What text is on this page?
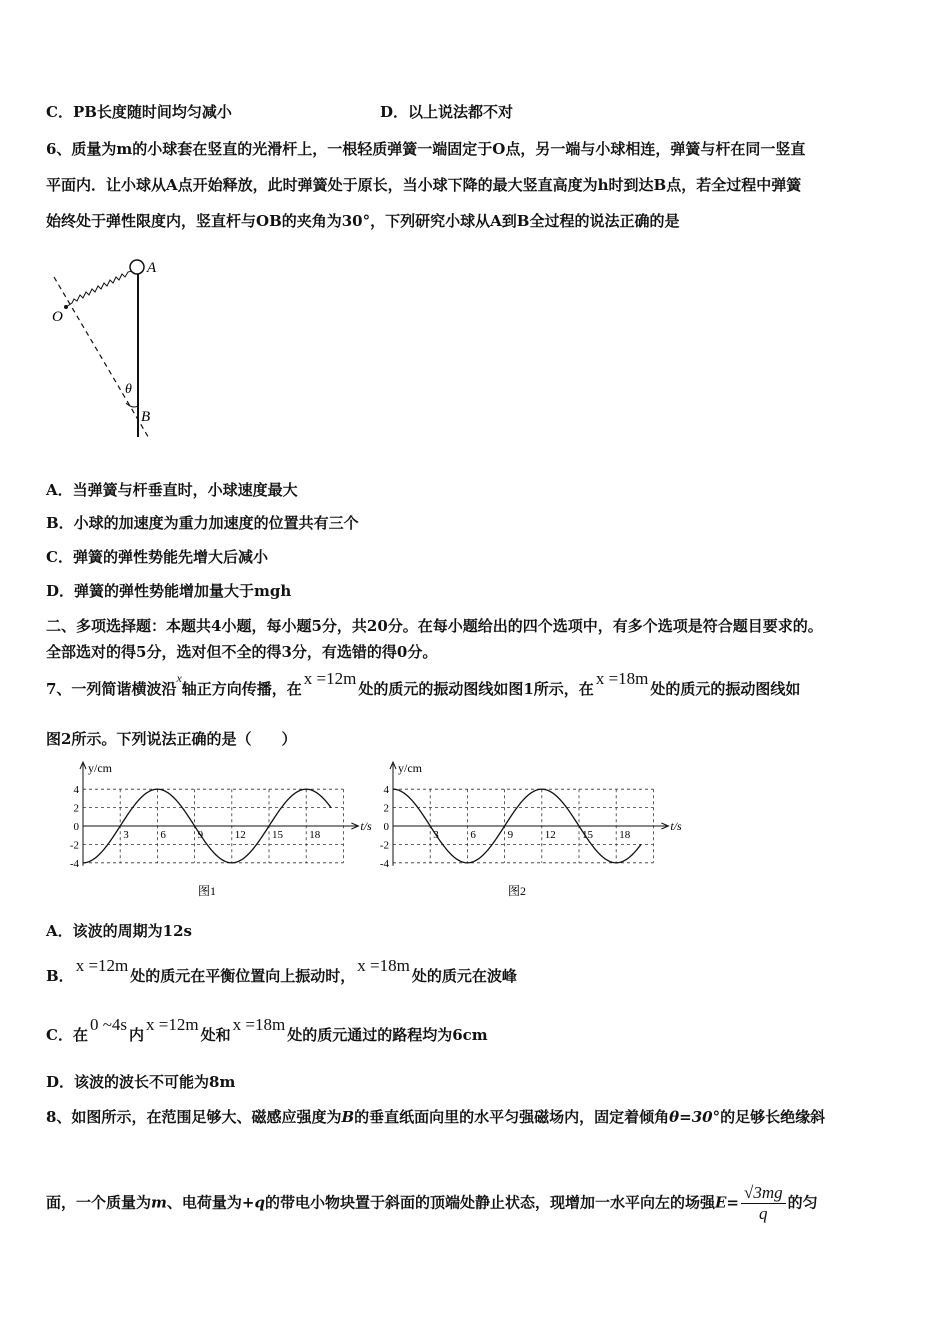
C．PB长度随时间均匀减小	D．以上说法都不对
6、质量为m的小球套在竖直的光滑杆上，一根轻质弹簧一端固定于O点，另一端与小球相连，弹簧与杆在同一竖直
平面内．让小球从A点开始释放，此时弹簧处于原长，当小球下降的最大竖直高度为h时到达B点，若全过程中弹簧
始终处于弹性限度内，竖直杆与OB的夹角为30°，下列研究小球从A到B全过程的说法正确的是
A
O
θ
B
A．当弹簧与杆垂直时，小球速度最大
B．小球的加速度为重力加速度的位置共有三个
C．弹簧的弹性势能先增大后减小
D．弹簧的弹性势能增加量大于mgh
二、多项选择题：本题共4小题，每小题5分，共20分。在每小题给出的四个选项中，有多个选项是符合题目要求的。
全部选对的得5分，选对但不全的得3分，有选错的得0分。
7、一列简谐横波沿$^x$轴正方向传播，在x =12m处的质元的振动图线如图1所示，在x =18m处的质元的振动图线如
图2所示。下列说法正确的是（　　）
y/cm
t/s
4
2
0
-2
-4
3	6	9	12 15 18
图1
y/cm
t/s
4
2
0
-2
-4
3	6	9	12 15 18
图2
A．该波的周期为12s
B．x =12m处的质元在平衡位置向上振动时，x =18m处的质元在波峰
C．在0 ~4s内x =12m处和x =18m处的质元通过的路程均为6cm
D．该波的波长不可能为8m
8、如图所示，在范围足够大、磁感应强度为B的垂直纸面向里的水平匀强磁场内，固定着倾角θ=30°的足够长绝缘斜
面，一个质量为m、电荷量为+q的带电小物块置于斜面的顶端处静止状态，现增加一水平向左的场强$E= \frac{√3mg}{q}$ 的匀
